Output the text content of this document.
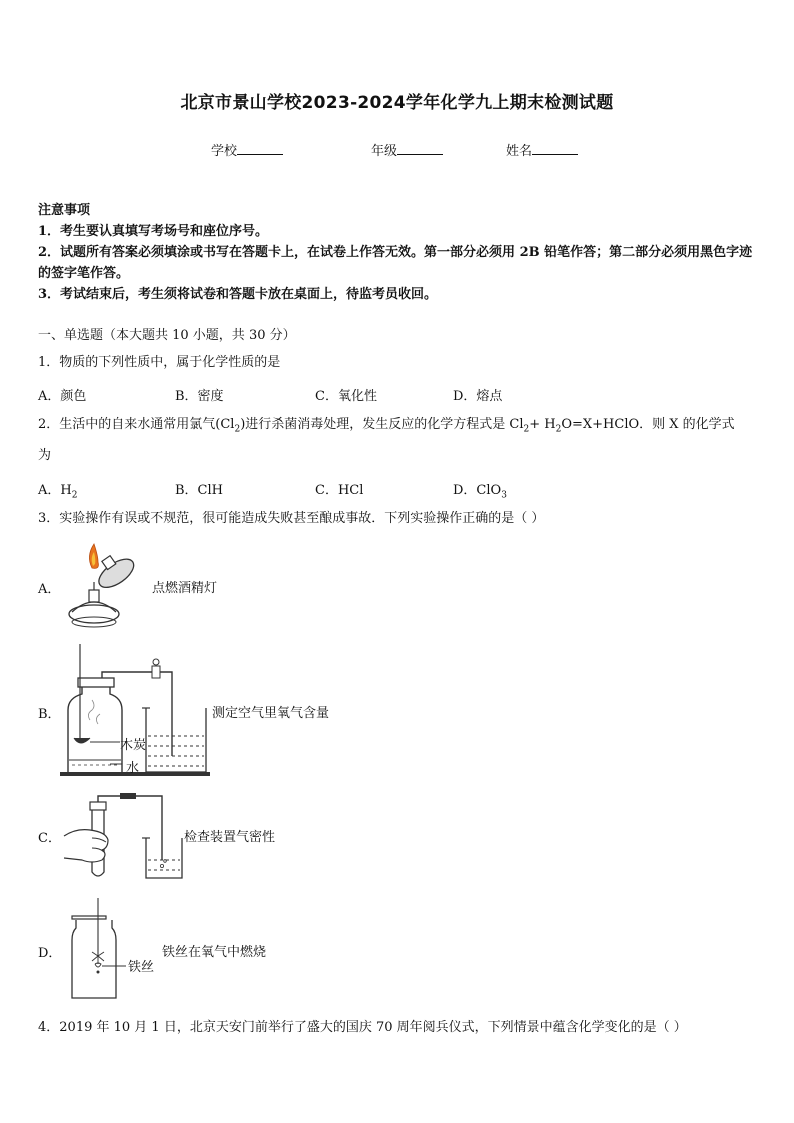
北京市景山学校2023-2024学年化学九上期末检测试题
学校	年级	姓名
注意事项
1．考生要认真填写考场号和座位序号。
2．试题所有答案必须填涂或书写在答题卡上，在试卷上作答无效。第一部分必须用 2B 铅笔作答；第二部分必须用黑色字迹的签字笔作答。
3．考试结束后，考生须将试卷和答题卡放在桌面上，待监考员收回。
一、单选题（本大题共 10 小题，共 30 分）
1．物质的下列性质中，属于化学性质的是
A．颜色	B．密度	C．氧化性	D．熔点
2．生活中的自来水通常用氯气$(Cl_2)$进行杀菌消毒处理，发生反应的化学方程式是 $Cl_2+$ $H_2O=X+HClO$．则 X 的化学式
为
A．$H_2$	B．ClH	C．HCl	D．ClO$_3$
3．实验操作有误或不规范，很可能造成失败甚至酿成事故．下列实验操作正确的是（ ）
A．	点燃酒精灯
B．
木炭
水
测定空气里氧气含量
C．	检查装置气密性
D．
铁丝
铁丝在氧气中燃烧
4．2019 年 10 月 1 日，北京天安门前举行了盛大的国庆 70 周年阅兵仪式，下列情景中蕴含化学变化的是（ ）
